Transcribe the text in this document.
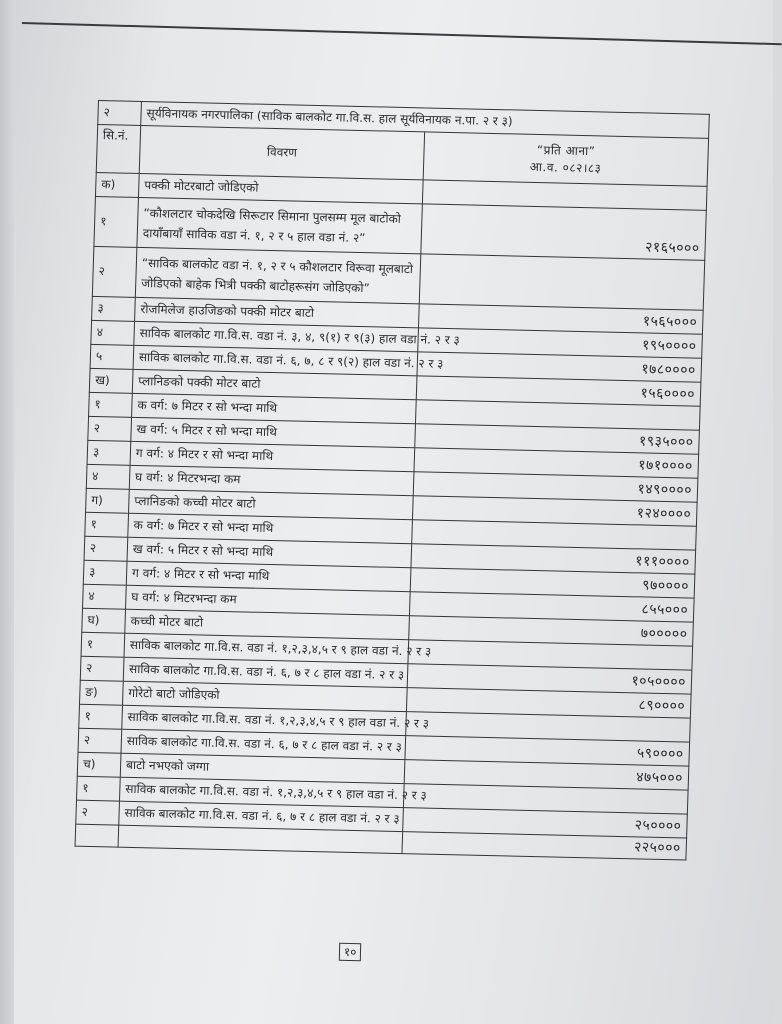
२	सूर्यविनायक नगरपालिका (साविक बालकोट गा.वि.स. हाल सूर्यविनायक न.पा. २ र ३)	
सि.नं.	विवरण	“प्रति आना”
आ.व. ०८२।८३

क)	पक्की मोटरबाटो जोडिएको	
१	“कौशलटार चोकदेखि सिरूटार सिमाना पुलसम्म मूल बाटोको दायाँबायाँ साविक वडा नं. १, २ र ५ हाल वडा नं. २”	२१६५०००
२	“साविक बालकोट वडा नं. १, २ र ५ कौशलटार विरूवा मूलबाटो जोडिएको बाहेक भित्री पक्की बाटोहरूसंग जोडिएको”	
३	रोजमिलेज हाउजिङको पक्की मोटर बाटो	१५६५०००
४	साविक बालकोट गा.वि.स. वडा नं. ३, ४, ९(१) र ९(३) हाल वडा नं. २ र ३	१९५००००
५	साविक बालकोट गा.वि.स. वडा नं. ६, ७, ८ र ९(२) हाल वडा नं. २ र ३	१७८००००
ख)	प्लानिङको पक्की मोटर बाटो	१५६००००
१	क वर्ग: ७ मिटर र सो भन्दा माथि	
२	ख वर्ग: ५ मिटर र सो भन्दा माथि	१९३५०००
३	ग वर्ग: ४ मिटर र सो भन्दा माथि	१७१००००
४	घ वर्ग: ४ मिटरभन्दा कम	१४९००००
ग)	प्लानिङको कच्ची मोटर बाटो	१२४००००
१	क वर्ग: ७ मिटर र सो भन्दा माथि	
२	ख वर्ग: ५ मिटर र सो भन्दा माथि	१११००००
३	ग वर्ग: ४ मिटर र सो भन्दा माथि	९७००००
४	घ वर्ग: ४ मिटरभन्दा कम	८५५०००
घ)	कच्ची मोटर बाटो	७०००००
१	साविक बालकोट गा.वि.स. वडा नं. १,२,३,४,५ र ९ हाल वडा नं. २ र ३	
२	साविक बालकोट गा.वि.स. वडा नं. ६, ७ र ८ हाल वडा नं. २ र ३	१०५००००
ङ)	गोरेटो बाटो जोडिएको	८९००००
१	साविक बालकोट गा.वि.स. वडा नं. १,२,३,४,५ र ९ हाल वडा नं. २ र ३	
२	साविक बालकोट गा.वि.स. वडा नं. ६, ७ र ८ हाल वडा नं. २ र ३	५९००००
च)	बाटो नभएको जग्गा	४७५०००
१	साविक बालकोट गा.वि.स. वडा नं. १,२,३,४,५ र ९ हाल वडा नं. २ र ३	
२	साविक बालकोट गा.वि.स. वडा नं. ६, ७ र ८ हाल वडा नं. २ र ३	२५००००
		२२५०००
१०
